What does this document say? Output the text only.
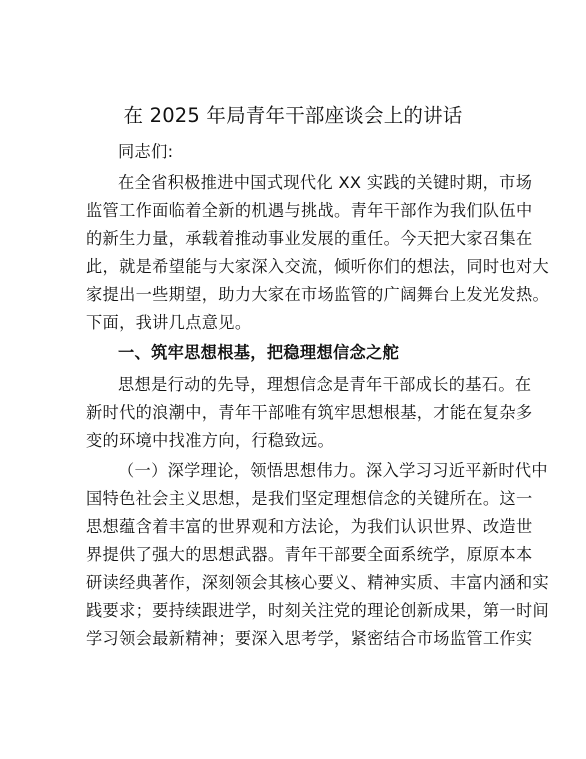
在 2025 年局青年干部座谈会上的讲话
同志们:
在全省积极推进中国式现代化 XX 实践的关键时期，市场
监管工作面临着全新的机遇与挑战。青年干部作为我们队伍中
的新生力量，承载着推动事业发展的重任。今天把大家召集在
此，就是希望能与大家深入交流，倾听你们的想法，同时也对大
家提出一些期望，助力大家在市场监管的广阔舞台上发光发热。
下面，我讲几点意见。
一、筑牢思想根基，把稳理想信念之舵
思想是行动的先导，理想信念是青年干部成长的基石。在
新时代的浪潮中，青年干部唯有筑牢思想根基，才能在复杂多
变的环境中找准方向，行稳致远。
（一）深学理论，领悟思想伟力。深入学习习近平新时代中
国特色社会主义思想，是我们坚定理想信念的关键所在。这一
思想蕴含着丰富的世界观和方法论，为我们认识世界、改造世
界提供了强大的思想武器。青年干部要全面系统学，原原本本
研读经典著作，深刻领会其核心要义、精神实质、丰富内涵和实
践要求；要持续跟进学，时刻关注党的理论创新成果，第一时间
学习领会最新精神；要深入思考学，紧密结合市场监管工作实
